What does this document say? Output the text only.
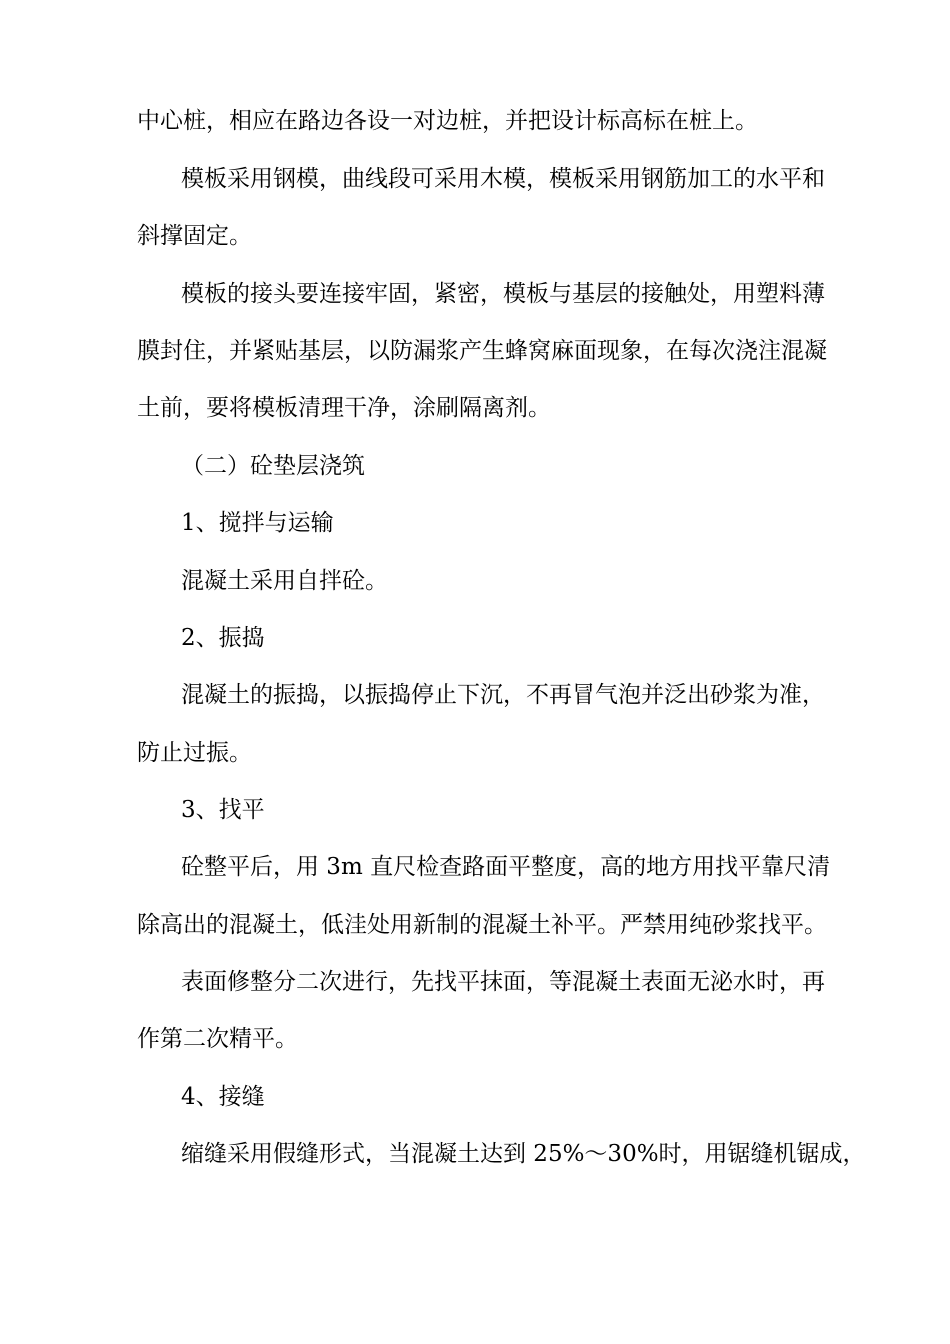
中心桩，相应在路边各设一对边桩，并把设计标高标在桩上。
模板采用钢模，曲线段可采用木模，模板采用钢筋加工的水平和
斜撑固定。
模板的接头要连接牢固，紧密，模板与基层的接触处，用塑料薄
膜封住，并紧贴基层，以防漏浆产生蜂窝麻面现象，在每次浇注混凝
土前，要将模板清理干净，涂刷隔离剂。
（二）砼垫层浇筑
1、搅拌与运输
混凝土采用自拌砼。
2、振捣
混凝土的振捣，以振捣停止下沉，不再冒气泡并泛出砂浆为准，
防止过振。
3、找平
砼整平后，用 3m 直尺检查路面平整度，高的地方用找平靠尺清
除高出的混凝土，低洼处用新制的混凝土补平。严禁用纯砂浆找平。
表面修整分二次进行，先找平抹面，等混凝土表面无泌水时，再
作第二次精平。
4、接缝
缩缝采用假缝形式，当混凝土达到 25%～30%时，用锯缝机锯成，
